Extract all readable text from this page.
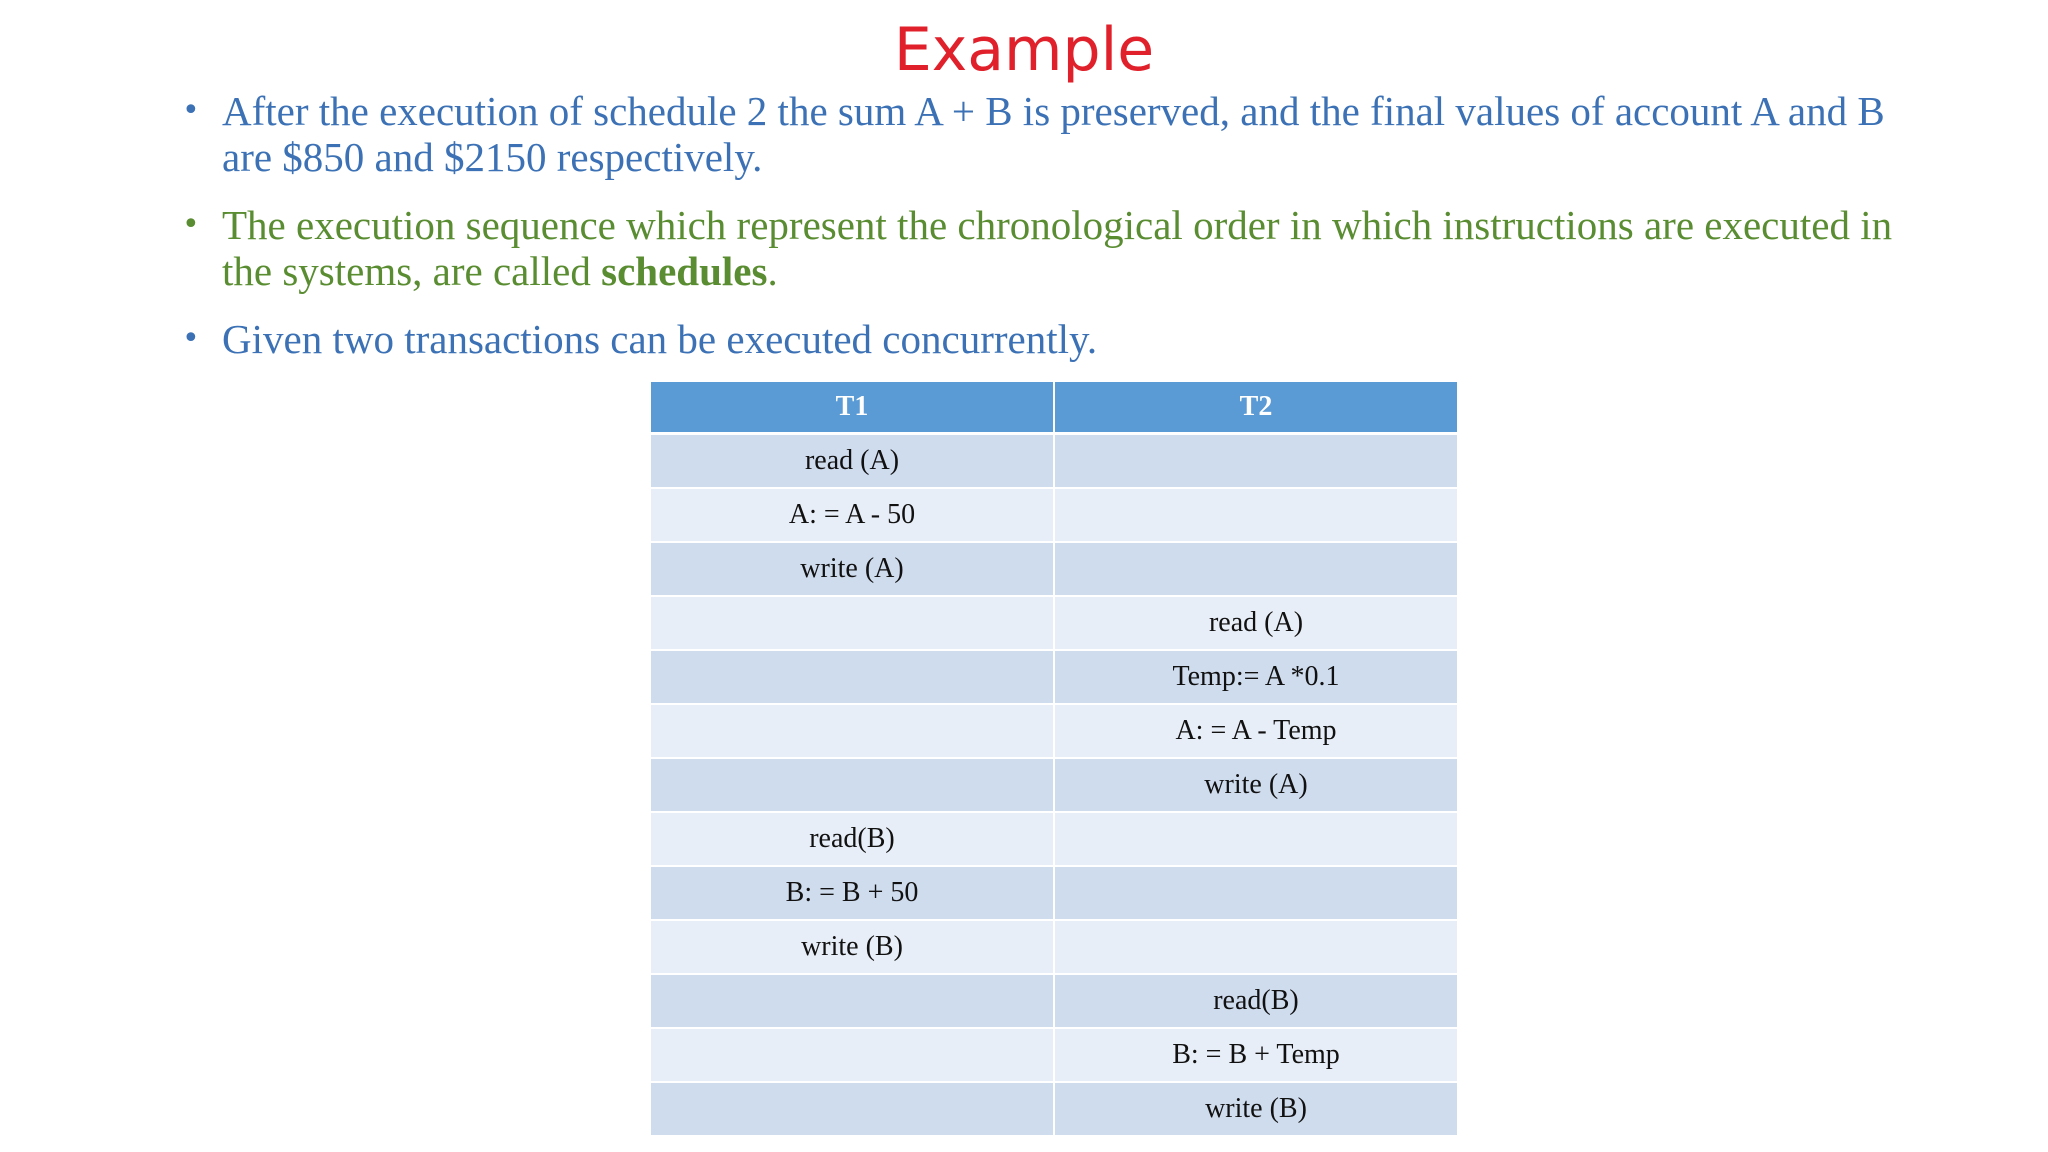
Example
• After the execution of schedule 2 the sum A + B is preserved, and the final values of account A and B are $850 and $2150 respectively.
• The execution sequence which represent the chronological order in which instructions are executed in the systems, are called schedules.
• Given two transactions can be executed concurrently.
T1	T2
read (A)	
A: = A - 50	
write (A)	
	read (A)
	Temp:= A *0.1
	A: = A - Temp
	write (A)
read(B)	
B: = B + 50	
write (B)	
	read(B)
	B: = B + Temp
	write (B)
